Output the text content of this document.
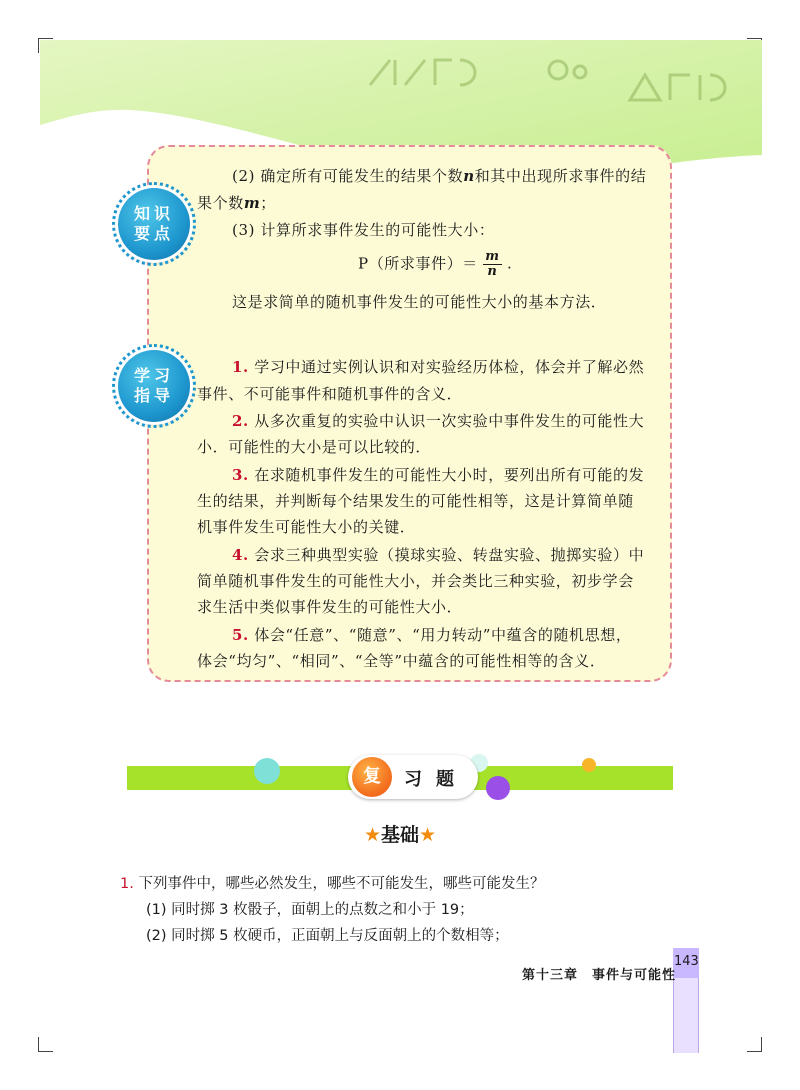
知识
要点
(2) 确定所有可能发生的结果个数n和其中出现所求事件的结
果个数m；
(3) 计算所求事件发生的可能性大小：
P（所求事件）＝ $\frac{m}{n}$ .
这是求简单的随机事件发生的可能性大小的基本方法．
学习
指导
1. 学习中通过实例认识和对实验经历体检，体会并了解必然
事件、不可能事件和随机事件的含义．
2. 从多次重复的实验中认识一次实验中事件发生的可能性大
小．可能性的大小是可以比较的．
3. 在求随机事件发生的可能性大小时，要列出所有可能的发
生的结果，并判断每个结果发生的可能性相等，这是计算简单随
机事件发生可能性大小的关键．
4. 会求三种典型实验（摸球实验、转盘实验、抛掷实验）中
简单随机事件发生的可能性大小，并会类比三种实验，初步学会
求生活中类似事件发生的可能性大小．
5. 体会“任意”、“随意”、“用力转动”中蕴含的随机思想，
体会“均匀”、“相同”、“全等”中蕴含的可能性相等的含义．
复	习题
★基础★
1. 下列事件中，哪些必然发生，哪些不可能发生，哪些可能发生？
(1) 同时掷 3 枚骰子，面朝上的点数之和小于 19；
(2) 同时掷 5 枚硬币，正面朝上与反面朝上的个数相等；
143
第十三章　事件与可能性
